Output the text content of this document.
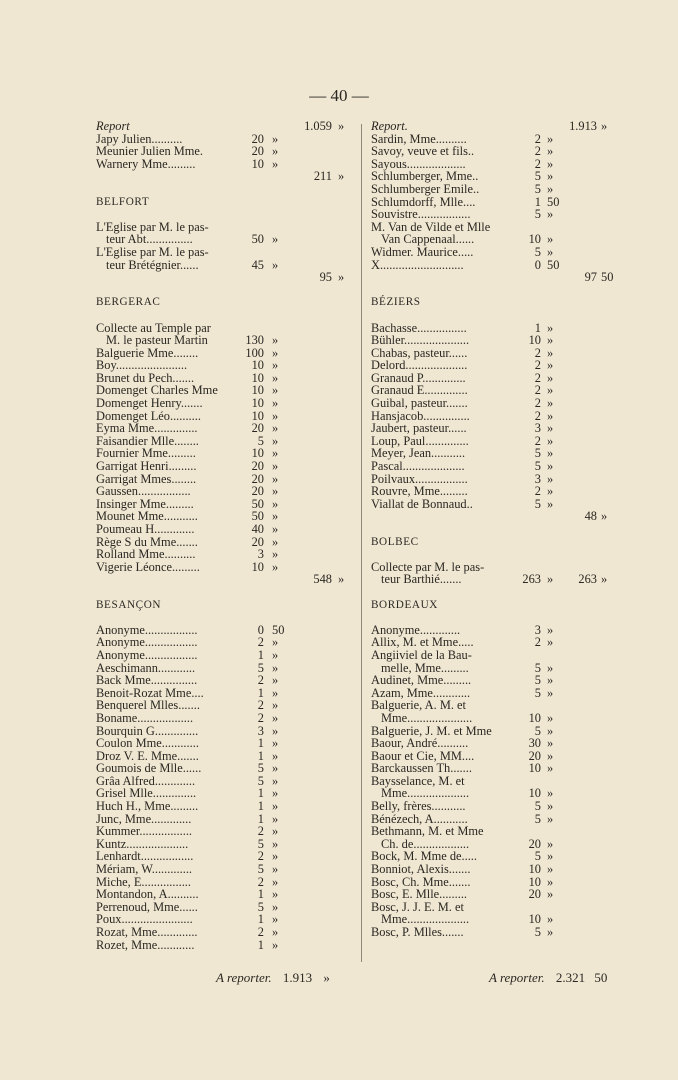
— 40 —
Report	1.059 »
Japy Julien..........	20 »
Meunier Julien Mme.	20 »
Warnery Mme.........	10 »
211 »
BELFORT
L'Eglise par M. le pas-
teur Abt...............	50 »
L'Eglise par M. le pas-
teur Brétégnier......	45 »
95 »
BERGERAC
Collecte au Temple par
M. le pasteur Martin	130 »
Balguerie Mme........	100 »
Boy.......................	10 »
Brunet du Pech.......	10 »
Domenget Charles Mme	10 »
Domenget Henry.......	10 »
Domenget Léo..........	10 »
Eyma Mme..............	20 »
Faisandier Mlle........	5 »
Fournier Mme.........	10 »
Garrigat Henri.........	20 »
Garrigat Mmes........	20 »
Gaussen.................	20 »
Insinger Mme.........	50 »
Mounet Mme...........	50 »
Poumeau H.............	40 »
Rège S du Mme.......	20 »
Rolland Mme..........	3 »
Vigerie Léonce.........	10 »
548 »
BESANÇON
Anonyme.................	0 50
Anonyme.................	2 »
Anonyme.................	1 »
Aeschimann............	5 »
Back Mme...............	2 »
Benoit-Rozat Mme....	1 »
Benquerel Mlles.......	2 »
Boname..................	2 »
Bourquin G..............	3 »
Coulon Mme............	1 »
Droz V. E. Mme.......	1 »
Goumois de Mlle......	5 »
Grâa Alfred.............	5 »
Grisel Mlle..............	1 »
Huch H., Mme.........	1 »
Junc, Mme.............	1 »
Kummer.................	2 »
Kuntz....................	5 »
Lenhardt.................	2 »
Mériam, W.............	5 »
Miche, E................	2 »
Montandon, A..........	1 »
Perrenoud, Mme......	5 »
Poux.......................	1 »
Rozat, Mme.............	2 »
Rozet, Mme............	1 »
Report.	1.913 »
Sardin, Mme..........	2 »
Savoy, veuve et fils..	2 »
Sayous...................	2 »
Schlumberger, Mme..	5 »
Schlumberger Emile..	5 »
Schlumdorff, Mlle....	1 50
Souvistre.................	5 »
M. Van de Vilde et Mlle
Van Cappenaal......	10 »
Widmer. Maurice.....	5 »
X...........................	0 50
97 50
BÉZIERS
Bachasse................	1 »
Bühler.....................	10 »
Chabas, pasteur......	2 »
Delord....................	2 »
Granaud P..............	2 »
Granaud E..............	2 »
Guibal, pasteur.......	2 »
Hansjacob...............	2 »
Jaubert, pasteur......	3 »
Loup, Paul..............	2 »
Meyer, Jean...........	5 »
Pascal....................	5 »
Poilvaux.................	3 »
Rouvre, Mme.........	2 »
Viallat de Bonnaud..	5 »
48 »
BOLBEC
Collecte par M. le pas-
teur Barthié.......	263 »	263 »
BORDEAUX
Anonyme.............	3 »
Allix, M. et Mme.....	2 »
Angiiviel de la Bau-
melle, Mme.........	5 »
Audinet, Mme.........	5 »
Azam, Mme............	5 »
Balguerie, A. M. et
Mme.....................	10 »
Balguerie, J. M. et Mme	5 »
Baour, André..........	30 »
Baour et Cie, MM....	20 »
Barckaussen Th.......	10 »
Baysselance, M. et
Mme....................	10 »
Belly, frères...........	5 »
Bénézech, A...........	5 »
Bethmann, M. et Mme
Ch. de..................	20 »
Bock, M. Mme de.....	5 »
Bonniot, Alexis.......	10 »
Bosc, Ch. Mme.......	10 »
Bosc, E. Mlle.........	20 »
Bosc, J. J. E. M. et
Mme....................	10 »
Bosc, P. Mlles.......	5 »
A reporter. 1.913 »	A reporter. 2.321 50
